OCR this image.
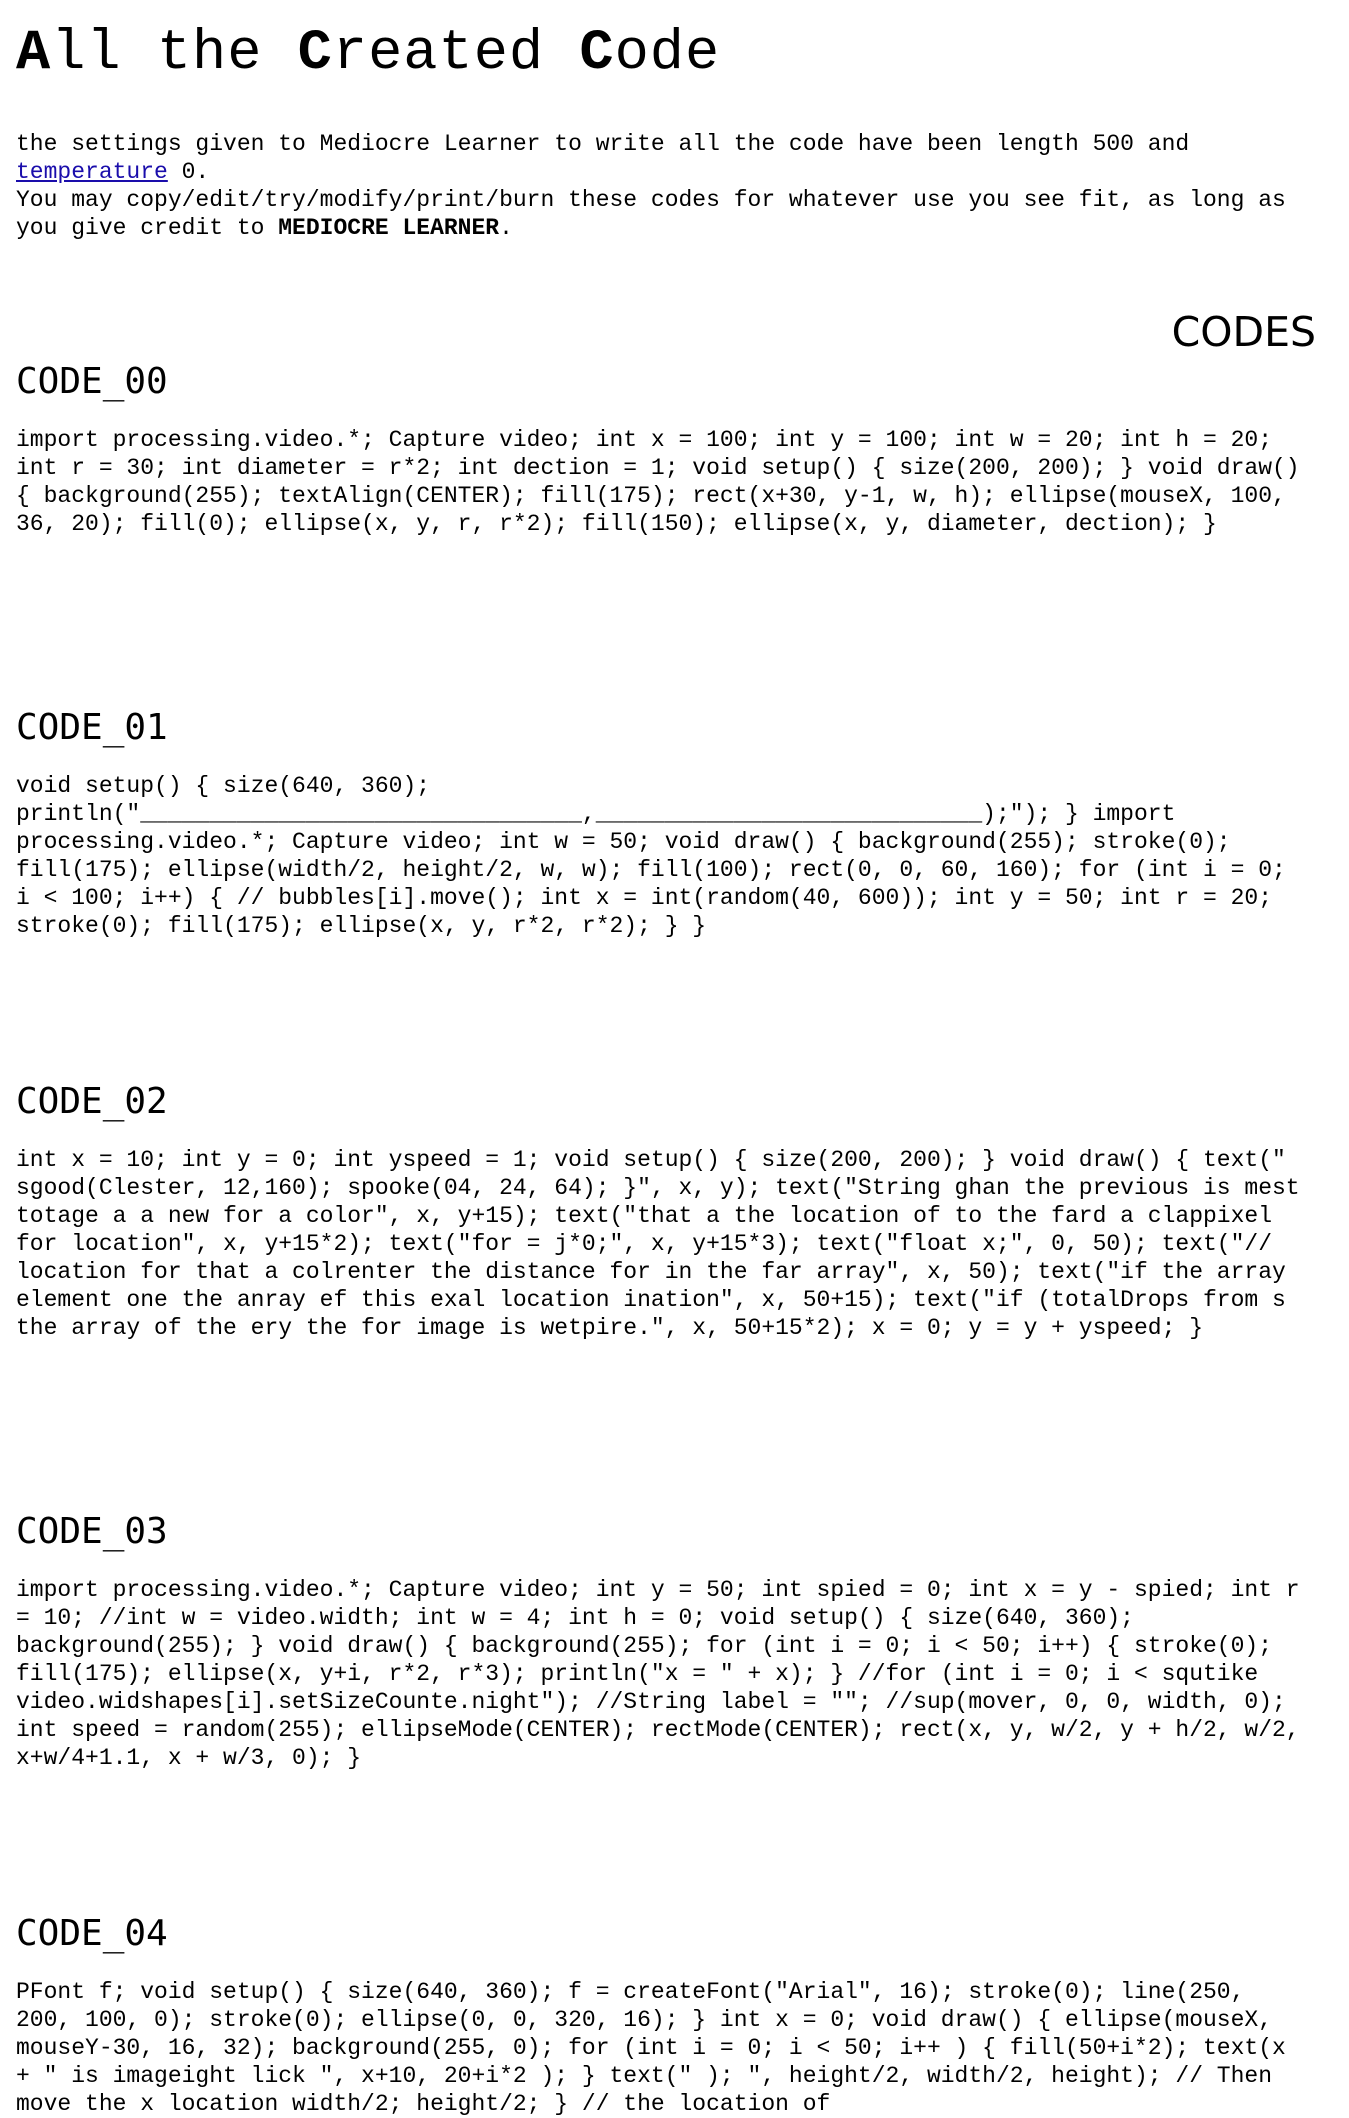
All the Created Code
the settings given to Mediocre Learner to write all the code have been length 500 and temperature 0.
You may copy/edit/try/modify/print/burn these codes for whatever use you see fit, as long as you give credit to MEDIOCRE LEARNER.
CODES
CODE_00

import processing.video.*; Capture video; int x = 100; int y = 100; int w = 20; int h = 20; int r = 30; int diameter = r*2; int dection = 1; void setup() { size(200, 200); } void draw() { background(255); textAlign(CENTER); fill(175); rect(x+30, y-1, w, h); ellipse(mouseX, 100, 36, 20); fill(0); ellipse(x, y, r, r*2); fill(150); ellipse(x, y, diameter, dection); }

CODE_01

void setup() { size(640, 360);
println("________________________________,____________________________);"); } import processing.video.*; Capture video; int w = 50; void draw() { background(255); stroke(0); fill(175); ellipse(width/2, height/2, w, w); fill(100); rect(0, 0, 60, 160); for (int i = 0; i < 100; i++) { // bubbles[i].move(); int x = int(random(40, 600)); int y = 50; int r = 20; stroke(0); fill(175); ellipse(x, y, r*2, r*2); } }

CODE_02

int x = 10; int y = 0; int yspeed = 1; void setup() { size(200, 200); } void draw() { text(" sgood(Clester, 12,160); spooke(04, 24, 64); }", x, y); text("String ghan the previous is mest totage a a new for a color", x, y+15); text("that a the location of to the fard a clappixel for location", x, y+15*2); text("for = j*0;", x, y+15*3); text("float x;", 0, 50); text("// location for that a colrenter the distance for in the far array", x, 50); text("if the array element one the anray ef this exal location ination", x, 50+15); text("if (totalDrops from s the array of the ery the for image is wetpire.", x, 50+15*2); x = 0; y = y + yspeed; }

CODE_03

import processing.video.*; Capture video; int y = 50; int spied = 0; int x = y - spied; int r = 10; //int w = video.width; int w = 4; int h = 0; void setup() { size(640, 360); background(255); } void draw() { background(255); for (int i = 0; i < 50; i++) { stroke(0); fill(175); ellipse(x, y+i, r*2, r*3); println("x = " + x); } //for (int i = 0; i < squtike video.widshapes[i].setSizeCounte.night"); //String label = ""; //sup(mover, 0, 0, width, 0); int speed = random(255); ellipseMode(CENTER); rectMode(CENTER); rect(x, y, w/2, y + h/2, w/2, x+w/4+1.1, x + w/3, 0); }

CODE_04

PFont f; void setup() { size(640, 360); f = createFont("Arial", 16); stroke(0); line(250, 200, 100, 0); stroke(0); ellipse(0, 0, 320, 16); } int x = 0; void draw() { ellipse(mouseX, mouseY-30, 16, 32); background(255, 0); for (int i = 0; i < 50; i++ ) { fill(50+i*2); text(x + " is imageight lick ", x+10, 20+i*2 ); } text(" ); ", height/2, width/2, height); // Then move the x location width/2; height/2; } // the location of
